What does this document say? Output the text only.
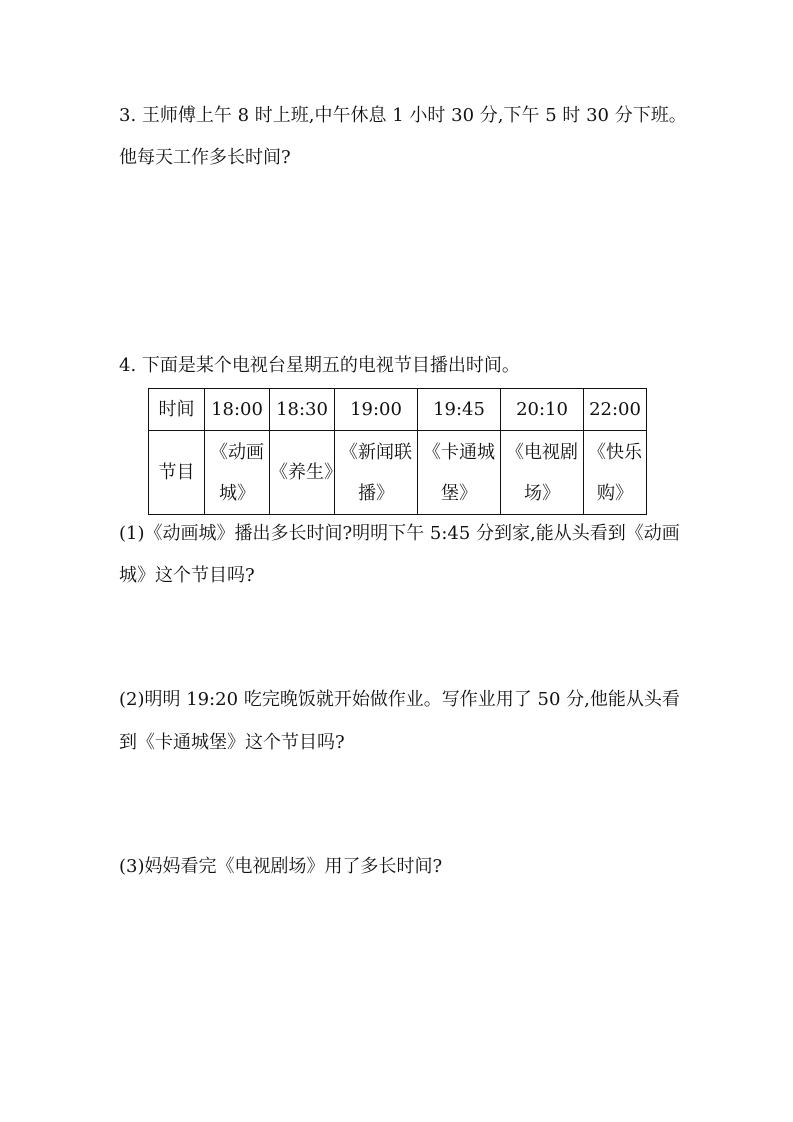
3. 王师傅上午 8 时上班,中午休息 1 小时 30 分,下午 5 时 30 分下班。

他每天工作多长时间?

4. 下面是某个电视台星期五的电视节目播出时间。

时间	18:00	18:30	19:00	19:45	20:10	22:00
节目	《动画城》	《养生》	《新闻联播》	《卡通城堡》	《电视剧场》	《快乐购》

(1)《动画城》播出多长时间?明明下午 5:45 分到家,能从头看到《动画

城》这个节目吗?

(2)明明 19:20 吃完晚饭就开始做作业。写作业用了 50 分,他能从头看

到《卡通城堡》这个节目吗?

(3)妈妈看完《电视剧场》用了多长时间?
